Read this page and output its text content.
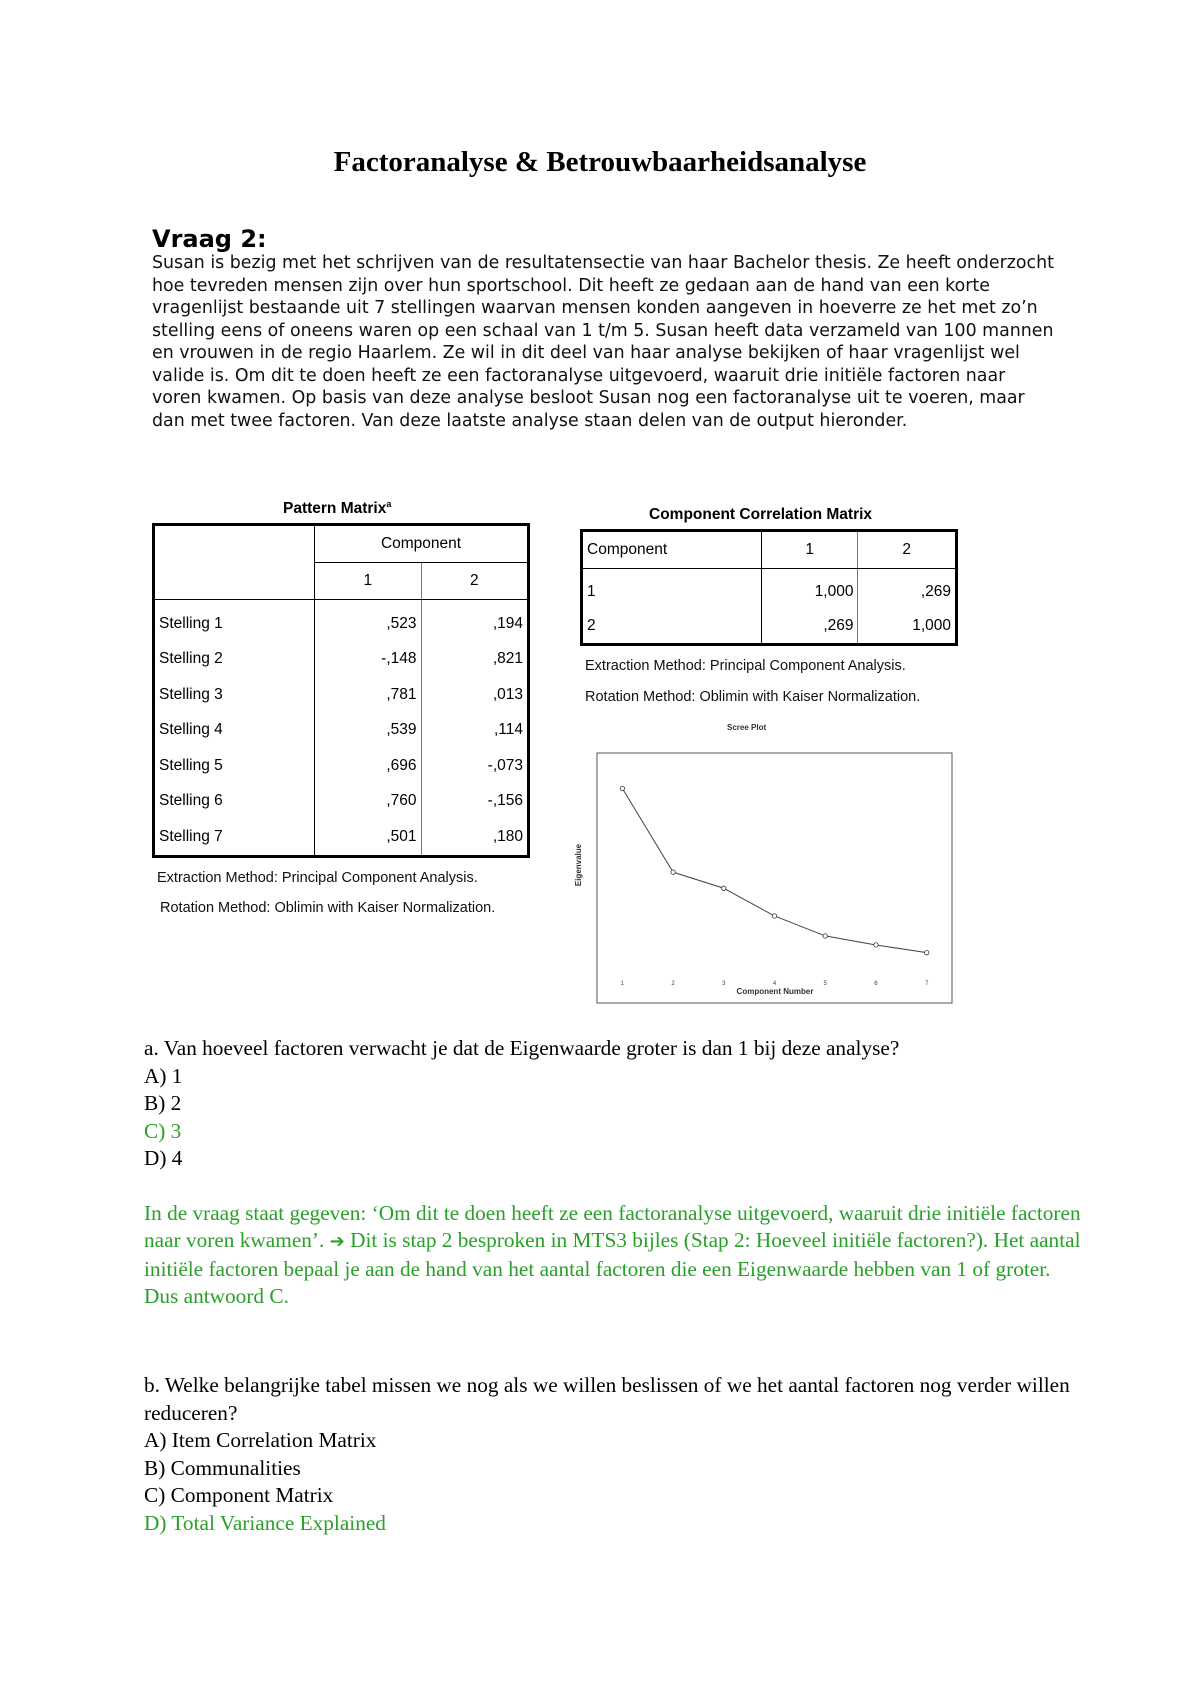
Factoranalyse & Betrouwbaarheidsanalyse
Vraag 2:
Susan is bezig met het schrijven van de resultatensectie van haar Bachelor thesis. Ze heeft onderzocht hoe tevreden mensen zijn over hun sportschool. Dit heeft ze gedaan aan de hand van een korte vragenlijst bestaande uit 7 stellingen waarvan mensen konden aangeven in hoeverre ze het met zo’n stelling eens of oneens waren op een schaal van 1 t/m 5. Susan heeft data verzameld van 100 mannen en vrouwen in de regio Haarlem. Ze wil in dit deel van haar analyse bekijken of haar vragenlijst wel valide is. Om dit te doen heeft ze een factoranalyse uitgevoerd, waaruit drie initiële factoren naar voren kwamen. Op basis van deze analyse besloot Susan nog een factoranalyse uit te voeren, maar dan met twee factoren. Van deze laatste analyse staan delen van de output hieronder.
Pattern Matrix$^a$
	Component	
	1	2
Stelling 1	,523	,194
Stelling 2	-,148	,821
Stelling 3	,781	,013
Stelling 4	,539	,114
Stelling 5	,696	-,073
Stelling 6	,760	-,156
Stelling 7	,501	,180
Extraction Method: Principal Component Analysis.
Rotation Method: Oblimin with Kaiser Normalization.
Component Correlation Matrix
Component	1	2
1	1,000	,269
2	,269	1,000
Extraction Method: Principal Component Analysis.
Rotation Method: Oblimin with Kaiser Normalization.
Scree Plot
1	2	3	4	5	6	7
Component Number
Eigenvalue

a. Van hoeveel factoren verwacht je dat de Eigenwaarde groter is dan 1 bij deze analyse?

A) 1

B) 2

C) 3

D) 4

In de vraag staat gegeven: ‘Om dit te doen heeft ze een factoranalyse uitgevoerd, waaruit drie initiële factoren naar voren kwamen’. ➔ Dit is stap 2 besproken in MTS3 bijles (Stap 2: Hoeveel initiële factoren?). Het aantal initiële factoren bepaal je aan de hand van het aantal factoren die een Eigenwaarde hebben van 1 of groter. Dus antwoord C.

b. Welke belangrijke tabel missen we nog als we willen beslissen of we het aantal factoren nog verder willen reduceren?

A) Item Correlation Matrix

B) Communalities

C) Component Matrix

D) Total Variance Explained
